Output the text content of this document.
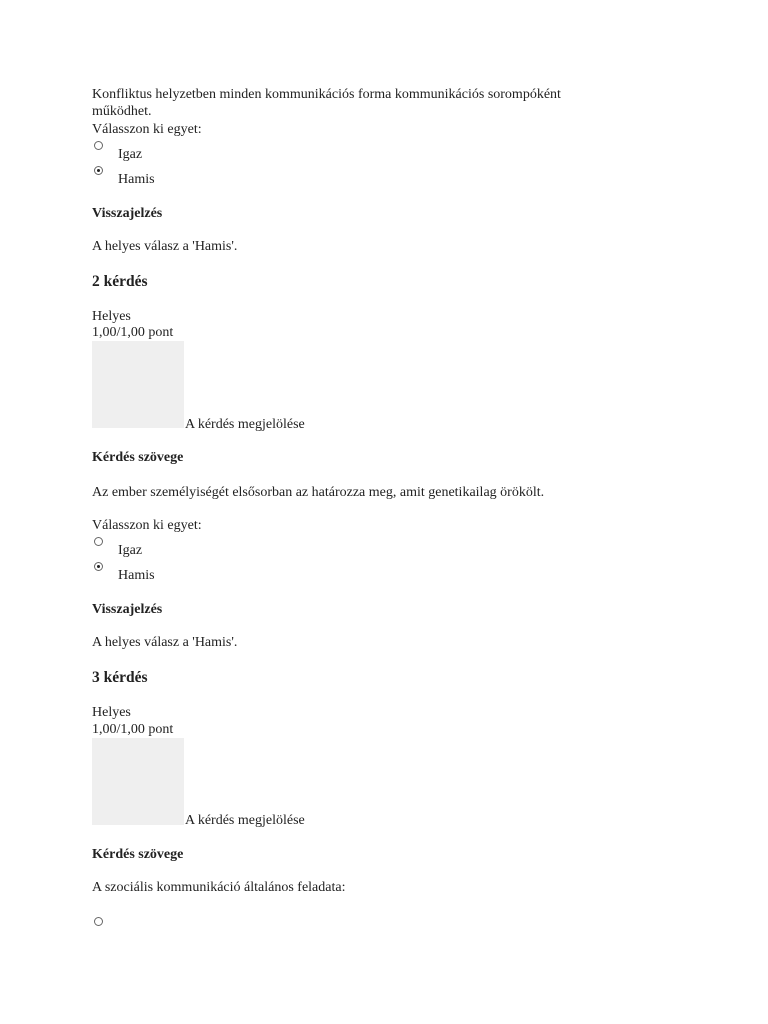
Konfliktus helyzetben minden kommunikációs forma kommunikációs sorompóként

működhet.

Válasszon ki egyet:

Igaz

Hamis

Visszajelzés

A helyes válasz a 'Hamis'.

2 kérdés

Helyes

1,00/1,00 pont

A kérdés megjelölése

Kérdés szövege

Az ember személyiségét elsősorban az határozza meg, amit genetikailag örökölt.

Válasszon ki egyet:

Igaz

Hamis

Visszajelzés

A helyes válasz a 'Hamis'.

3 kérdés

Helyes

1,00/1,00 pont

A kérdés megjelölése

Kérdés szövege

A szociális kommunikáció általános feladata:
